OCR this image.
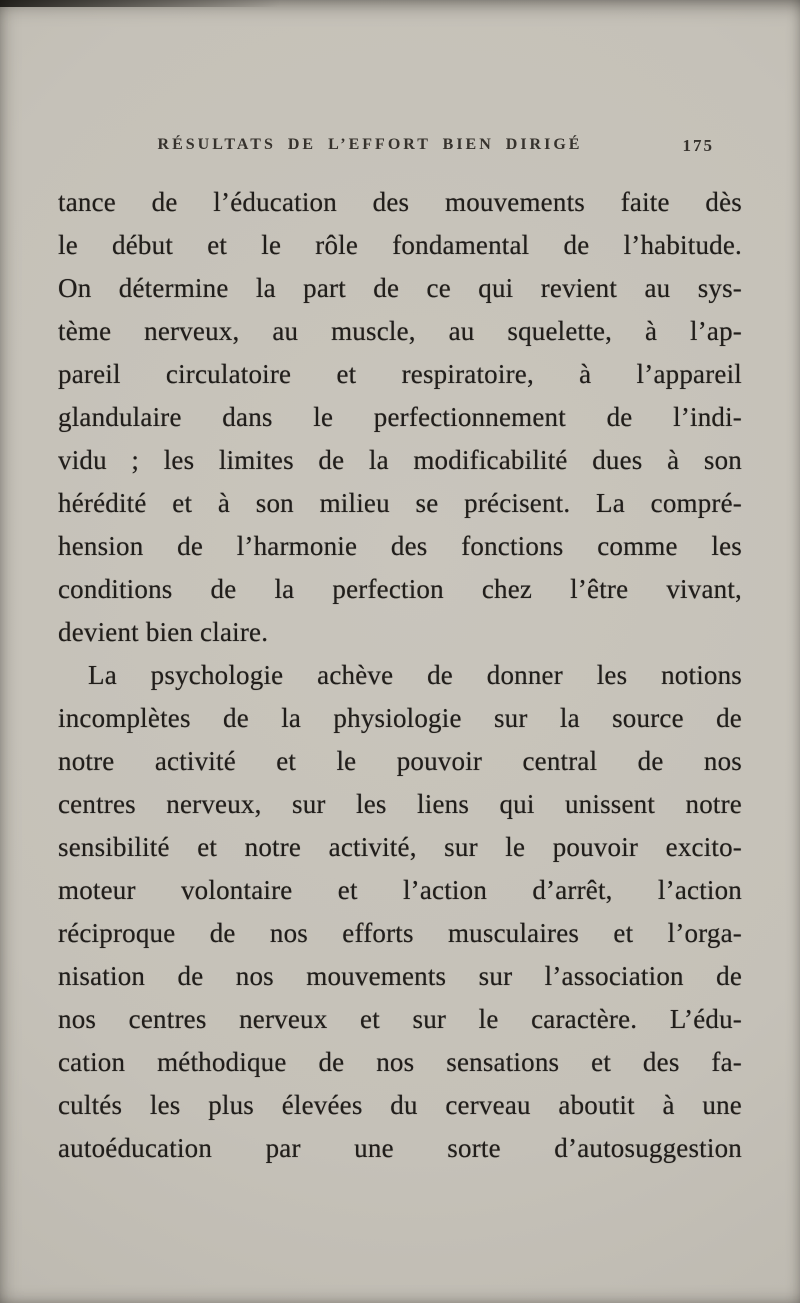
RÉSULTATS DE L’EFFORT BIEN DIRIGÉ	175
tance de l’éducation des mouvements faite dès
le début et le rôle fondamental de l’habitude.
On détermine la part de ce qui revient au sys-
tème nerveux, au muscle, au squelette, à l’ap-
pareil circulatoire et respiratoire, à l’appareil
glandulaire dans le perfectionnement de l’indi-
vidu ; les limites de la modificabilité dues à son
hérédité et à son milieu se précisent. La compré-
hension de l’harmonie des fonctions comme les
conditions de la perfection chez l’être vivant,
devient bien claire.
La psychologie achève de donner les notions
incomplètes de la physiologie sur la source de
notre activité et le pouvoir central de nos
centres nerveux, sur les liens qui unissent notre
sensibilité et notre activité, sur le pouvoir excito-
moteur volontaire et l’action d’arrêt, l’action
réciproque de nos efforts musculaires et l’orga-
nisation de nos mouvements sur l’association de
nos centres nerveux et sur le caractère. L’édu-
cation méthodique de nos sensations et des fa-
cultés les plus élevées du cerveau aboutit à une
autoéducation par une sorte d’autosuggestion
